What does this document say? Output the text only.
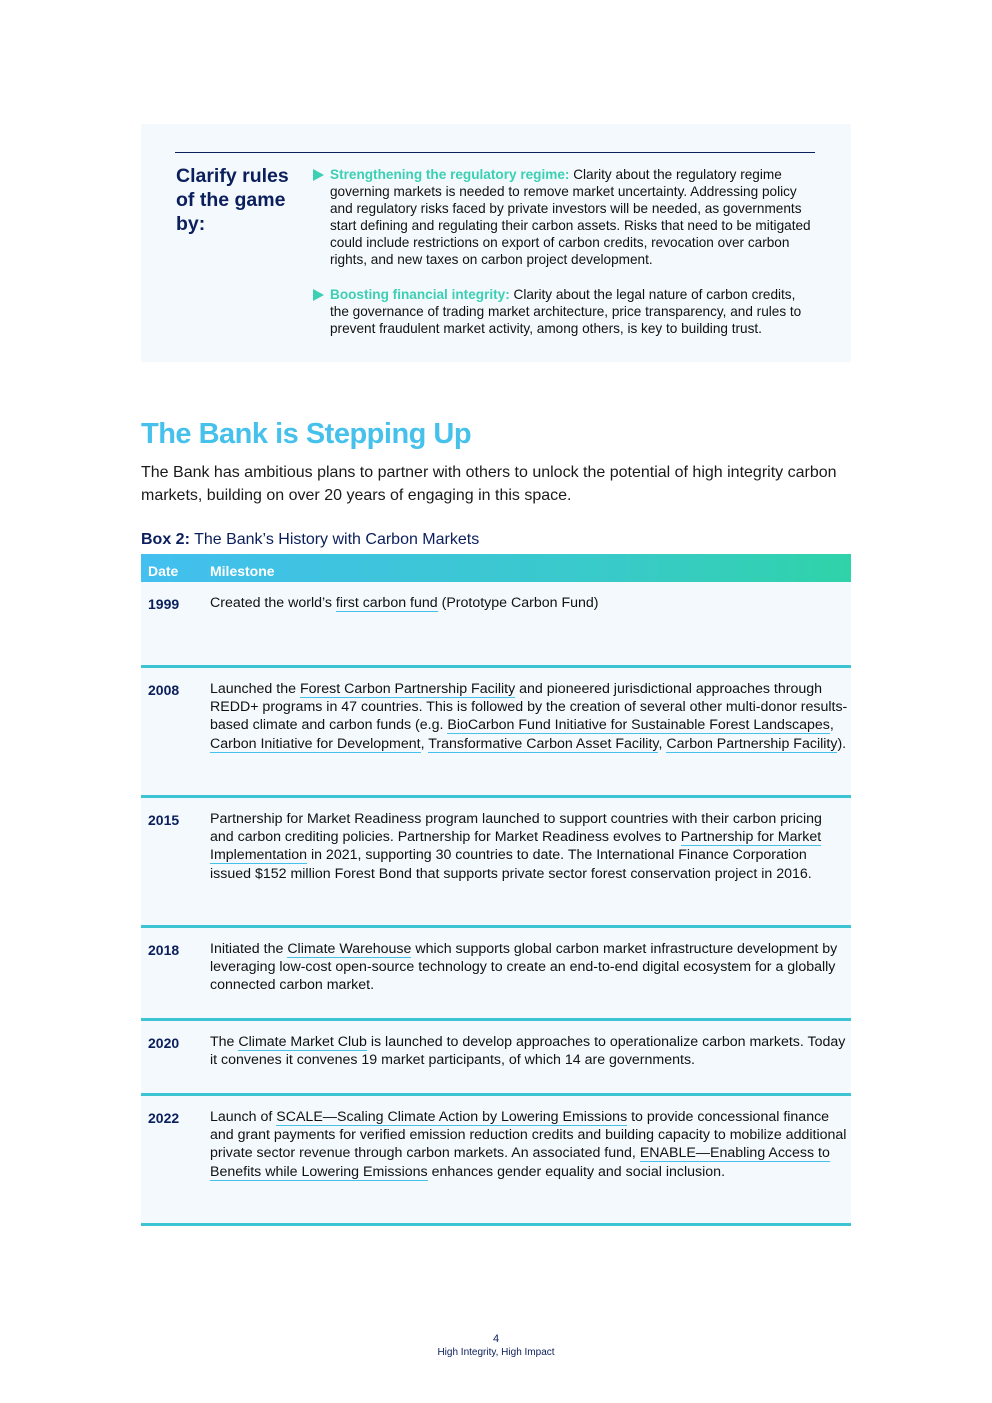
Clarify rules of the game by:
Strengthening the regulatory regime: Clarity about the regulatory regime governing markets is needed to remove market uncertainty. Addressing policy and regulatory risks faced by private investors will be needed, as governments start defining and regulating their carbon assets. Risks that need to be mitigated could include restrictions on export of carbon credits, revocation over carbon rights, and new taxes on carbon project development.
Boosting financial integrity: Clarity about the legal nature of carbon credits, the governance of trading market architecture, price transparency, and rules to prevent fraudulent market activity, among others, is key to building trust.
The Bank is Stepping Up
The Bank has ambitious plans to partner with others to unlock the potential of high integrity carbon markets, building on over 20 years of engaging in this space.
Box 2: The Bank’s History with Carbon Markets
Date Milestone
1999 Created the world’s first carbon fund (Prototype Carbon Fund)
2008 Launched the Forest Carbon Partnership Facility and pioneered jurisdictional approaches through REDD+ programs in 47 countries. This is followed by the creation of several other multi-donor results-based climate and carbon funds (e.g. BioCarbon Fund Initiative for Sustainable Forest Landscapes, Carbon Initiative for Development, Transformative Carbon Asset Facility, Carbon Partnership Facility).
2015 Partnership for Market Readiness program launched to support countries with their carbon pricing and carbon crediting policies. Partnership for Market Readiness evolves to Partnership for Market Implementation in 2021, supporting 30 countries to date. The International Finance Corporation issued $152 million Forest Bond that supports private sector forest conservation project in 2016.
2018 Initiated the Climate Warehouse which supports global carbon market infrastructure development by leveraging low-cost open-source technology to create an end-to-end digital ecosystem for a globally connected carbon market.
2020 The Climate Market Club is launched to develop approaches to operationalize carbon markets. Today it convenes it convenes 19 market participants, of which 14 are governments.
2022 Launch of SCALE—Scaling Climate Action by Lowering Emissions to provide concessional finance and grant payments for verified emission reduction credits and building capacity to mobilize additional private sector revenue through carbon markets. An associated fund, ENABLE—Enabling Access to Benefits while Lowering Emissions enhances gender equality and social inclusion.
4
High Integrity, High Impact
